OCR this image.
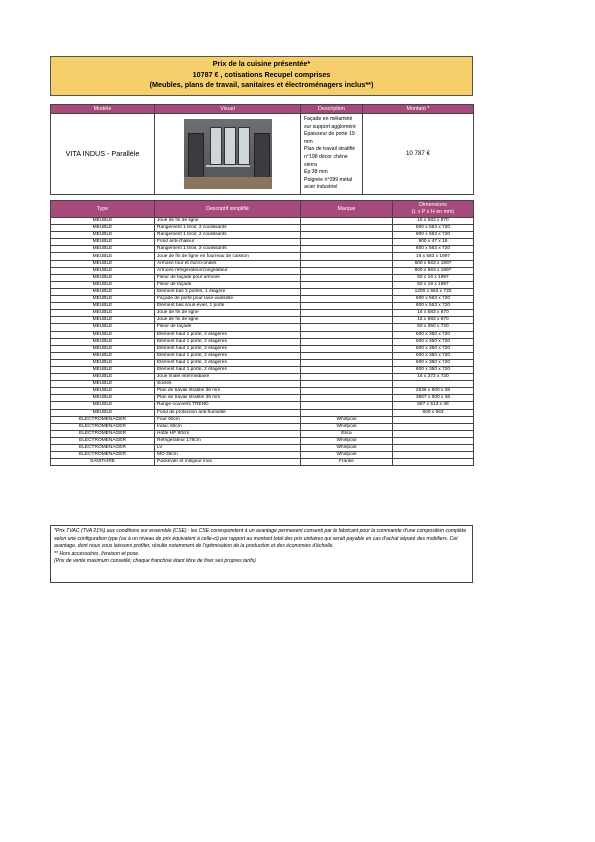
Prix de la cuisine présentée*
10787 € , cotisations Recupel comprises
(Meubles, plans de travail, sanitaires et électroménagers inclus**)
Modèle	Visuel	Description	Montant *
VITA INDUS - Parallèle		Façade en mélaminé sur support aggloméré
Épaisseur de porte 19 mm
Plan de travail stratifié n°198 décor chêne sierra
Ép 38 mm
Poignée n°099 métal acier industriel	10 787 €
Type	Descriptif simplifié	Marque	Dimensions
(L x P x H en mm)

MEUBLE	Joue de fin de ligne		16 x 583 x 870
MEUBLE	Rangement 1 tiroir, 2 coulissants		800 x 563 x 720
MEUBLE	Rangement 1 tiroir, 2 coulissants		900 x 563 x 720
MEUBLE	Fond anti-chaleur		900 x 47 x 16
MEUBLE	Rangement 1 tiroir, 2 coulissants		800 x 563 x 720
MEUBLE	Joue de fin de ligne en fourreau de caisson		16 x 583 x 1997
MEUBLE	Armoire four et micro-ondes		600 x 563 x 1997
MEUBLE	Armoire réfrigérateur/congélateur		600 x 563 x 1997
MEUBLE	Fileur de façade pour armoire		50 x 16 x 1997
MEUBLE	Fileur de façade		50 x 19 x 1997
MEUBLE	Élément bas 2 portes, 1 étagère		1200 x 563 x 720
MEUBLE	Façade de porte pour lave-vaisselle		600 x 563 x 720
MEUBLE	Élément bas sous-évier, 1 porte		600 x 563 x 720
MEUBLE	Joue de fin de ligne		16 x 583 x 870
MEUBLE	Joue de fin de ligne		16 x 583 x 870
MEUBLE	Fileur de façade		50 x 350 x 720
MEUBLE	Élément haut 1 porte, 2 étagères		600 x 350 x 720
MEUBLE	Élément haut 1 porte, 2 étagères		600 x 350 x 720
MEUBLE	Élément haut 1 porte, 2 étagères		600 x 350 x 720
MEUBLE	Élément haut 1 porte, 2 étagères		600 x 350 x 720
MEUBLE	Élément haut 1 porte, 2 étagères		600 x 350 x 720
MEUBLE	Élément haut 1 porte, 2 étagères		600 x 350 x 720
MEUBLE	Joue finale intermédiaire		16 x 372 x 720
MEUBLE	Socles		
MEUBLE	Plan de travail stratifié 38 mm		2536 x 600 x 38
MEUBLE	Plan de travail stratifié 38 mm		3667 x 600 x 38
MEUBLE	Range-couverts TREND		597 x 513 x 38
MEUBLE	Fond de protection anti-humidité		600 x 563
ELECTROMENAGER	Four 60cm	Whirlpool	
ELECTROMENAGER	Induc 60cm	Whirlpool	
ELECTROMENAGER	Hotte HF 90cm	Elica	
ELECTROMENAGER	Réfrigérateur 178cm	Whirlpool	
ELECTROMENAGER	LV	Whirlpool	
ELECTROMENAGER	MO 38cm	Whirlpool	
SANITAIRE	Packévier et mitigeur inox	Franke	

*Prix TVAC (TVA 21%) aux conditions sur ensemble (CSE) : les CSE correspondent à un avantage permanent consenti par le fabricant pour la commande d'une composition complète selon une configuration type (ou à un niveau de prix équivalent à celle-ci) par rapport au montant total des prix unitaires qui serait payable en cas d'achat séparé des mobiliers. Cet avantage, dont nous vous laissons profiter, résulte notamment de l'optimisation de la production et des économies d'échelle.

** Hors accessoires, livraison et pose.

(Prix de vente maximum conseillé; chaque franchisé étant libre de fixer ses propres tarifs)
